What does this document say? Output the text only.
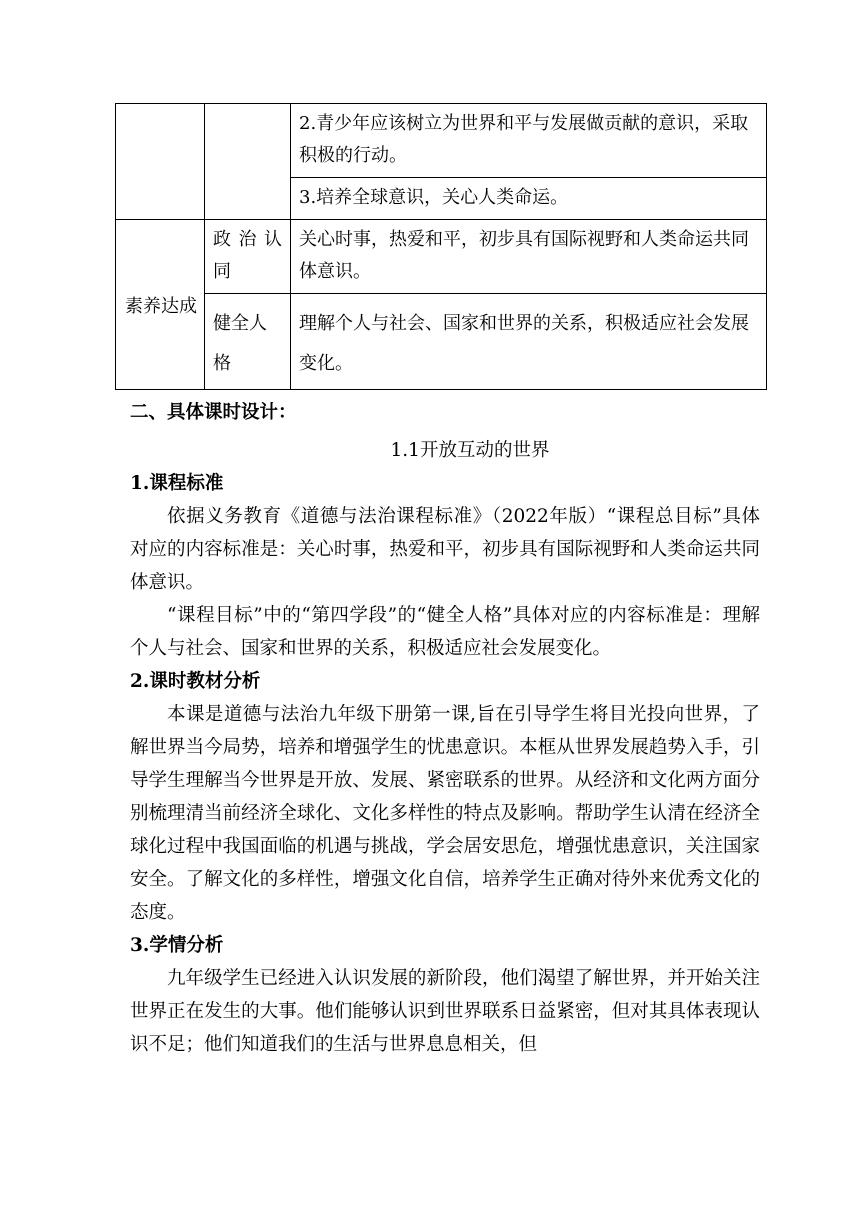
		2.青少年应该树立为世界和平与发展做贡献的意识，采取积极的行动。
		3.培养全球意识，关心人类命运。
素养达成	政治认同	关心时事，热爱和平，初步具有国际视野和人类命运共同体意识。
	健全人格	理解个人与社会、国家和世界的关系，积极适应社会发展变化。

二、具体课时设计：

1.1开放互动的世界

1.课程标准

依据义务教育《道德与法治课程标准》（2022年版）“课程总目标”具体对应的内容标准是：关心时事，热爱和平，初步具有国际视野和人类命运共同体意识。

“课程目标”中的“第四学段”的“健全人格”具体对应的内容标准是：理解个人与社会、国家和世界的关系，积极适应社会发展变化。

2.课时教材分析

本课是道德与法治九年级下册第一课,旨在引导学生将目光投向世界，了解世界当今局势，培养和增强学生的忧患意识。本框从世界发展趋势入手，引导学生理解当今世界是开放、发展、紧密联系的世界。从经济和文化两方面分别梳理清当前经济全球化、文化多样性的特点及影响。帮助学生认清在经济全球化过程中我国面临的机遇与挑战，学会居安思危，增强忧患意识，关注国家安全。了解文化的多样性，增强文化自信，培养学生正确对待外来优秀文化的态度。

3.学情分析

九年级学生已经进入认识发展的新阶段，他们渴望了解世界，并开始关注世界正在发生的大事。他们能够认识到世界联系日益紧密，但对其具体表现认识不足；他们知道我们的生活与世界息息相关，但
